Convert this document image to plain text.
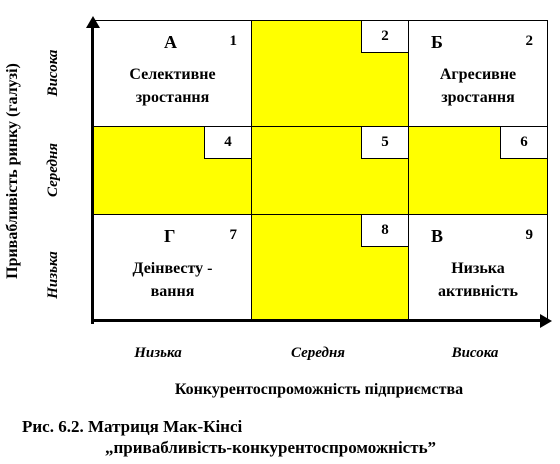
Привабливість ринку (галузі)	Висока
Середня
Низька
А	1
Селективне
зростання
2	Б	2
Агресивне
зростання
4	5	6
Г	7
Деінвесту -
вання
8	В	9
Низька
активність
Низька	Середня	Висока
Конкурентоспроможність підприємства
Рис. 6.2. Матриця Мак-Кінсі
„привабливість-конкурентоспроможність”
